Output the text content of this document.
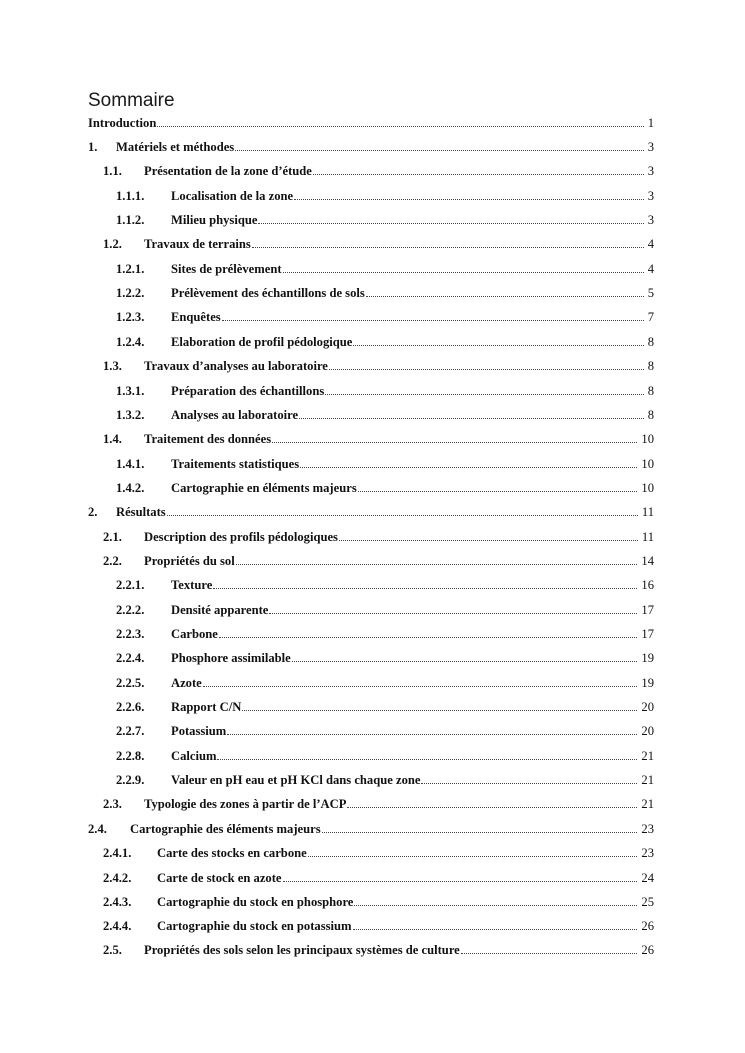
Sommaire
Introduction	1
1. Matériels et méthodes	3
1.1. Présentation de la zone d’étude	3
1.1.1. Localisation de la zone	3
1.1.2. Milieu physique	3
1.2. Travaux de terrains	4
1.2.1. Sites de prélèvement	4
1.2.2. Prélèvement des échantillons de sols	5
1.2.3. Enquêtes	7
1.2.4. Elaboration de profil pédologique	8
1.3. Travaux d’analyses au laboratoire	8
1.3.1. Préparation des échantillons	8
1.3.2. Analyses au laboratoire	8
1.4. Traitement des données	10
1.4.1. Traitements statistiques	10
1.4.2. Cartographie en éléments majeurs	10
2. Résultats	11
2.1. Description des profils pédologiques	11
2.2. Propriétés du sol	14
2.2.1. Texture	16
2.2.2. Densité apparente	17
2.2.3. Carbone	17
2.2.4. Phosphore assimilable	19
2.2.5. Azote	19
2.2.6. Rapport C/N	20
2.2.7. Potassium	20
2.2.8. Calcium	21
2.2.9. Valeur en pH eau et pH KCl dans chaque zone	21
2.3. Typologie des zones à partir de l’ACP	21
2.4. Cartographie des éléments majeurs	23
2.4.1. Carte des stocks en carbone	23
2.4.2. Carte de stock en azote	24
2.4.3. Cartographie du stock en phosphore	25
2.4.4. Cartographie du stock en potassium	26
2.5. Propriétés des sols selon les principaux systèmes de culture	26
